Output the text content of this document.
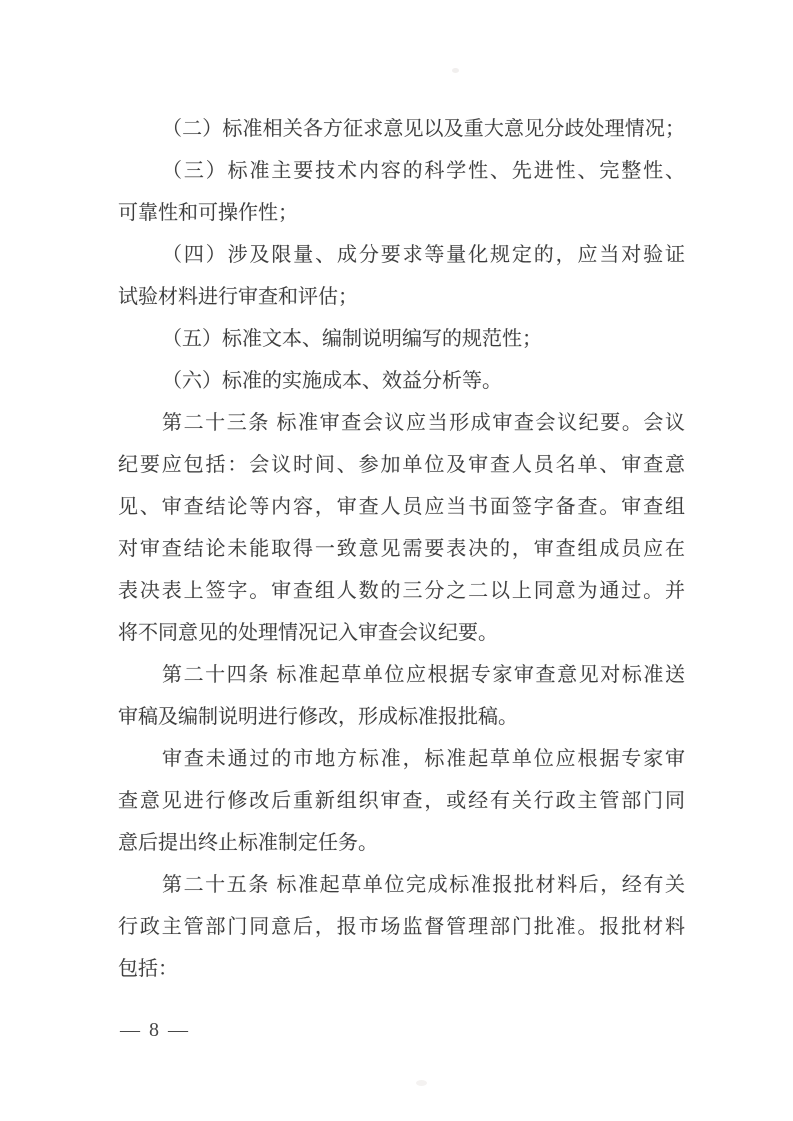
（二）标准相关各方征求意见以及重大意见分歧处理情况；
（三）标准主要技术内容的科学性、先进性、完整性、
可靠性和可操作性；
（四）涉及限量、成分要求等量化规定的，应当对验证
试验材料进行审查和评估；
（五）标准文本、编制说明编写的规范性；
（六）标准的实施成本、效益分析等。
第二十三条 标准审查会议应当形成审查会议纪要。会议
纪要应包括：会议时间、参加单位及审查人员名单、审查意
见、审查结论等内容，审查人员应当书面签字备查。审查组
对审查结论未能取得一致意见需要表决的，审查组成员应在
表决表上签字。审查组人数的三分之二以上同意为通过。并
将不同意见的处理情况记入审查会议纪要。
第二十四条 标准起草单位应根据专家审查意见对标准送
审稿及编制说明进行修改，形成标准报批稿。
审查未通过的市地方标准，标准起草单位应根据专家审
查意见进行修改后重新组织审查，或经有关行政主管部门同
意后提出终止标准制定任务。
第二十五条 标准起草单位完成标准报批材料后，经有关
行政主管部门同意后，报市场监督管理部门批准。报批材料
包括：
— 8 —
